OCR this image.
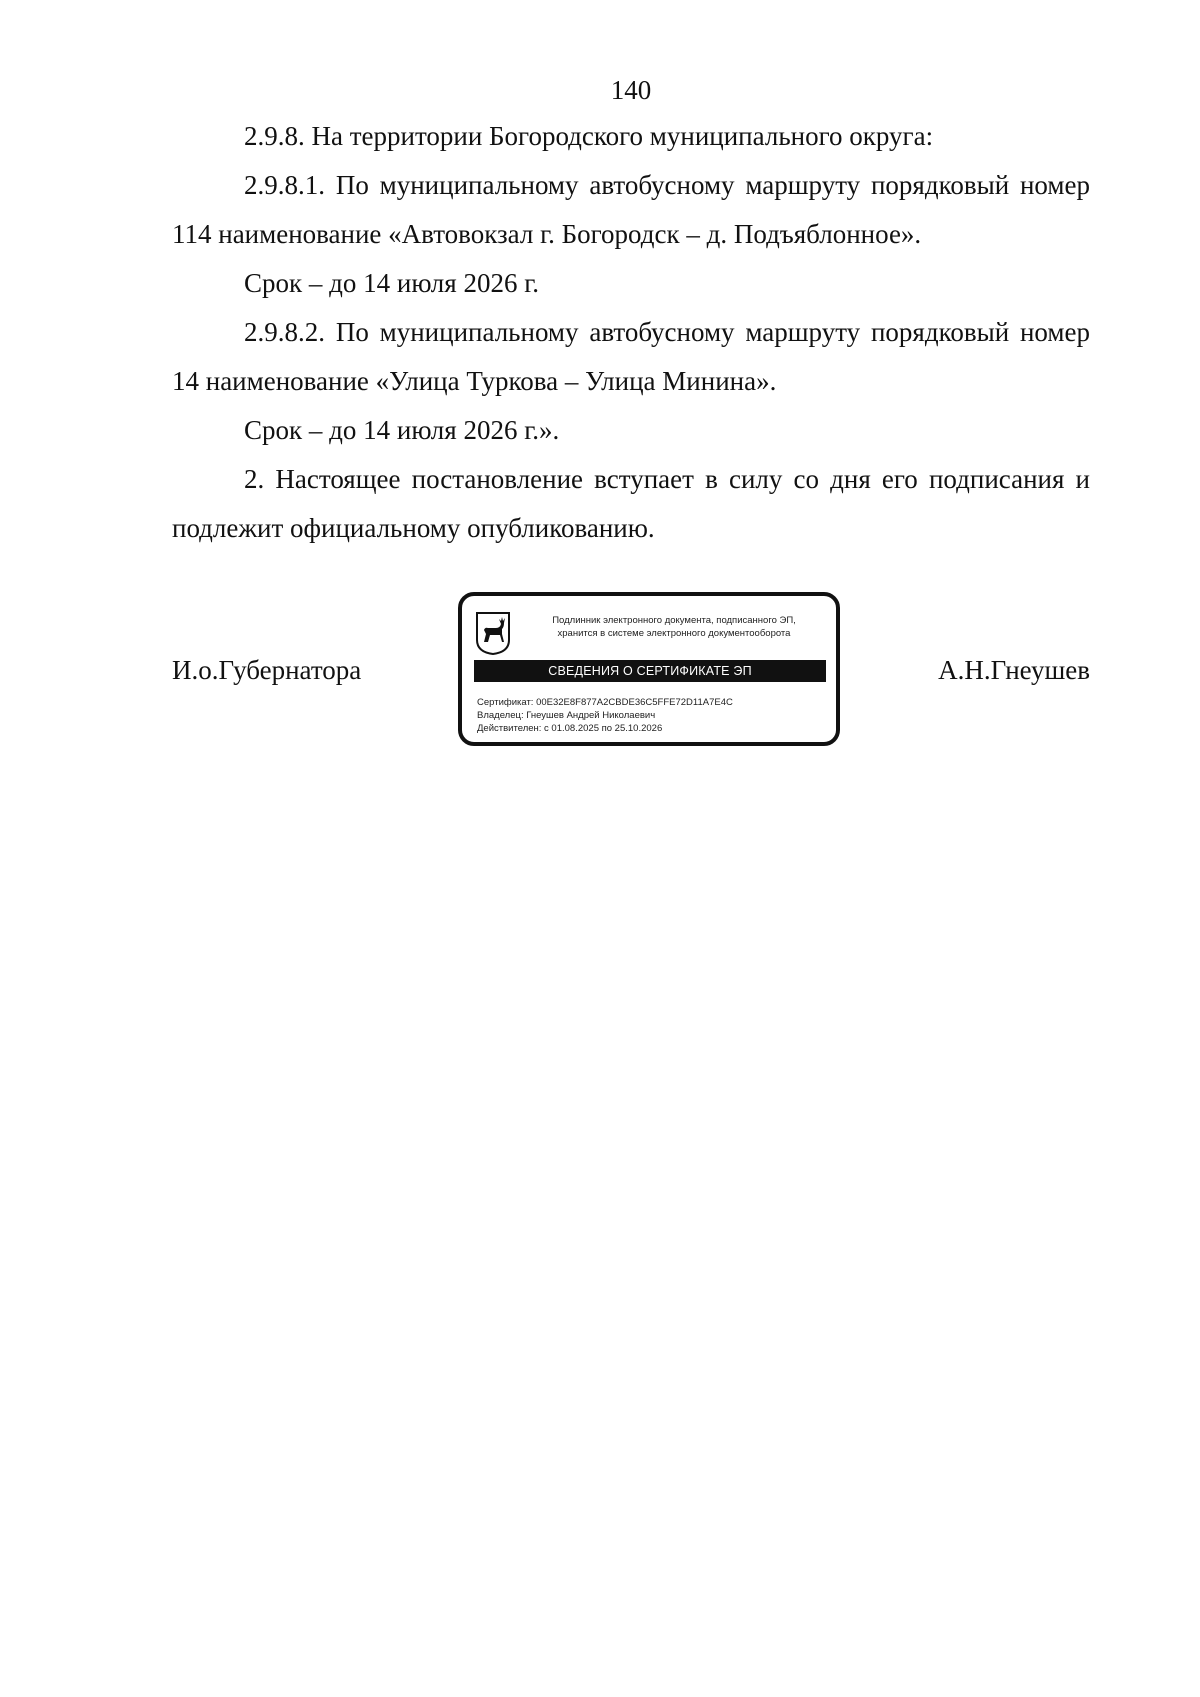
140

2.9.8. На территории Богородского муниципального округа:

2.9.8.1. По муниципальному автобусному маршруту порядковый номер 114 наименование «Автовокзал г. Богородск – д. Подъяблонное».

Срок – до 14 июля 2026 г.

2.9.8.2. По муниципальному автобусному маршруту порядковый номер 14 наименование «Улица Туркова – Улица Минина».

Срок – до 14 июля 2026 г.».

2. Настоящее постановление вступает в силу со дня его подписания и подлежит официальному опубликованию.

И.о.Губернатора
Подлинник электронного документа, подписанного ЭП,
хранится в системе электронного документооборота
СВЕДЕНИЯ О СЕРТИФИКАТЕ ЭП
Сертификат: 00E32E8F877A2CBDE36C5FFE72D11A7E4C
Владелец: Гнеушев Андрей Николаевич
Действителен: с 01.08.2025 по 25.10.2026
А.Н.Гнеушев
